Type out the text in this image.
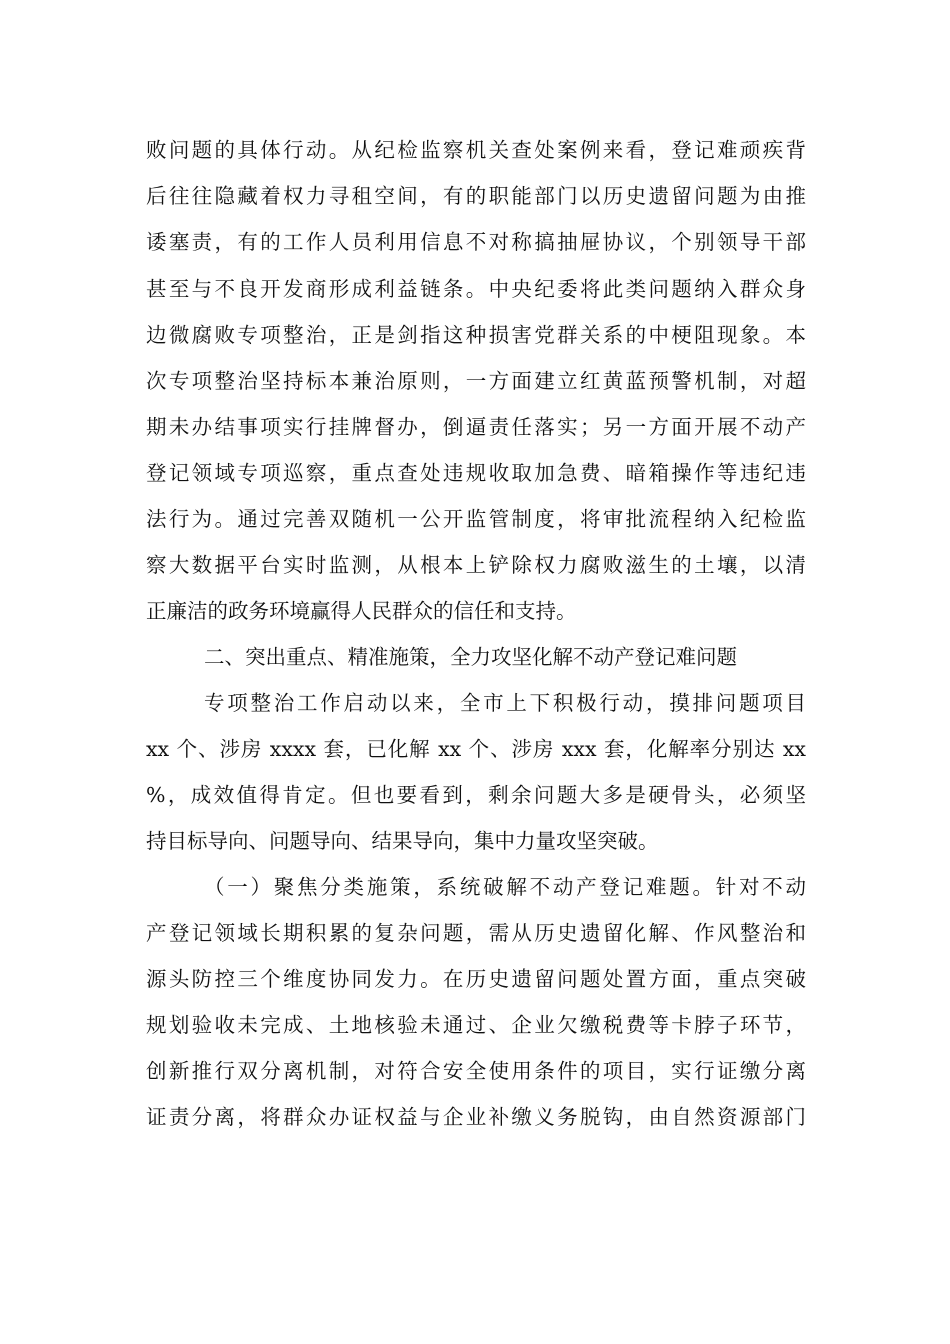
败问题的具体行动。从纪检监察机关查处案例来看，登记难顽疾背
后往往隐藏着权力寻租空间，有的职能部门以历史遗留问题为由推
诿塞责，有的工作人员利用信息不对称搞抽屉协议，个别领导干部
甚至与不良开发商形成利益链条。中央纪委将此类问题纳入群众身
边微腐败专项整治，正是剑指这种损害党群关系的中梗阻现象。本
次专项整治坚持标本兼治原则，一方面建立红黄蓝预警机制，对超
期未办结事项实行挂牌督办，倒逼责任落实；另一方面开展不动产
登记领域专项巡察，重点查处违规收取加急费、暗箱操作等违纪违
法行为。通过完善双随机一公开监管制度，将审批流程纳入纪检监
察大数据平台实时监测，从根本上铲除权力腐败滋生的土壤，以清
正廉洁的政务环境赢得人民群众的信任和支持。
二、突出重点、精准施策，全力攻坚化解不动产登记难问题
专项整治工作启动以来，全市上下积极行动，摸排问题项目
xx 个、涉房 xxxx 套，已化解 xx 个、涉房 xxx 套，化解率分别达 xx
%，成效值得肯定。但也要看到，剩余问题大多是硬骨头，必须坚
持目标导向、问题导向、结果导向，集中力量攻坚突破。
（一）聚焦分类施策，系统破解不动产登记难题。针对不动
产登记领域长期积累的复杂问题，需从历史遗留化解、作风整治和
源头防控三个维度协同发力。在历史遗留问题处置方面，重点突破
规划验收未完成、土地核验未通过、企业欠缴税费等卡脖子环节，
创新推行双分离机制，对符合安全使用条件的项目，实行证缴分离
证责分离，将群众办证权益与企业补缴义务脱钩，由自然资源部门
